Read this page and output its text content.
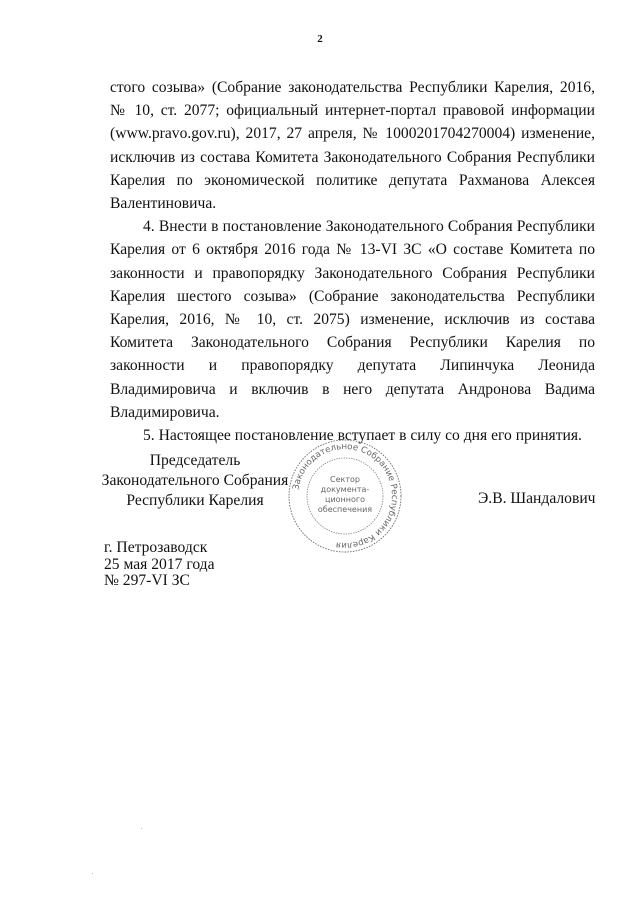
2

стого созыва» (Собрание законодательства Республики Карелия, 2016, № 10, ст. 2077; официальный интернет-портал правовой информации (www.pravo.gov.ru), 2017, 27 апреля, № 1000201704270004) изменение, исключив из состава Комитета Законодательного Собрания Республики Карелия по экономической политике депутата Рахманова Алексея Валентиновича.

4. Внести в постановление Законодательного Собрания Республики Карелия от 6 октября 2016 года № 13-VI ЗС «О составе Комитета по законности и правопорядку Законодательного Собрания Республики Карелия шестого созыва» (Собрание законодательства Республики Карелия, 2016, № 10, ст. 2075) изменение, исключив из состава Комитета Законодательного Собрания Республики Карелия по законности и правопорядку депутата Липинчука Леонида Владимировича и включив в него депутата Андронова Вадима Владимировича.

5. Настоящее постановление вступает в силу со дня его принятия.

Председатель
Законодательного Собрания
Республики Карелия
Законодательное Собрание Республики Карелия
Сектор
документа-
ционного
обеспечения
Э.В. Шандалович
г. Петрозаводск
25 мая 2017 года
№ 297-VI ЗС
